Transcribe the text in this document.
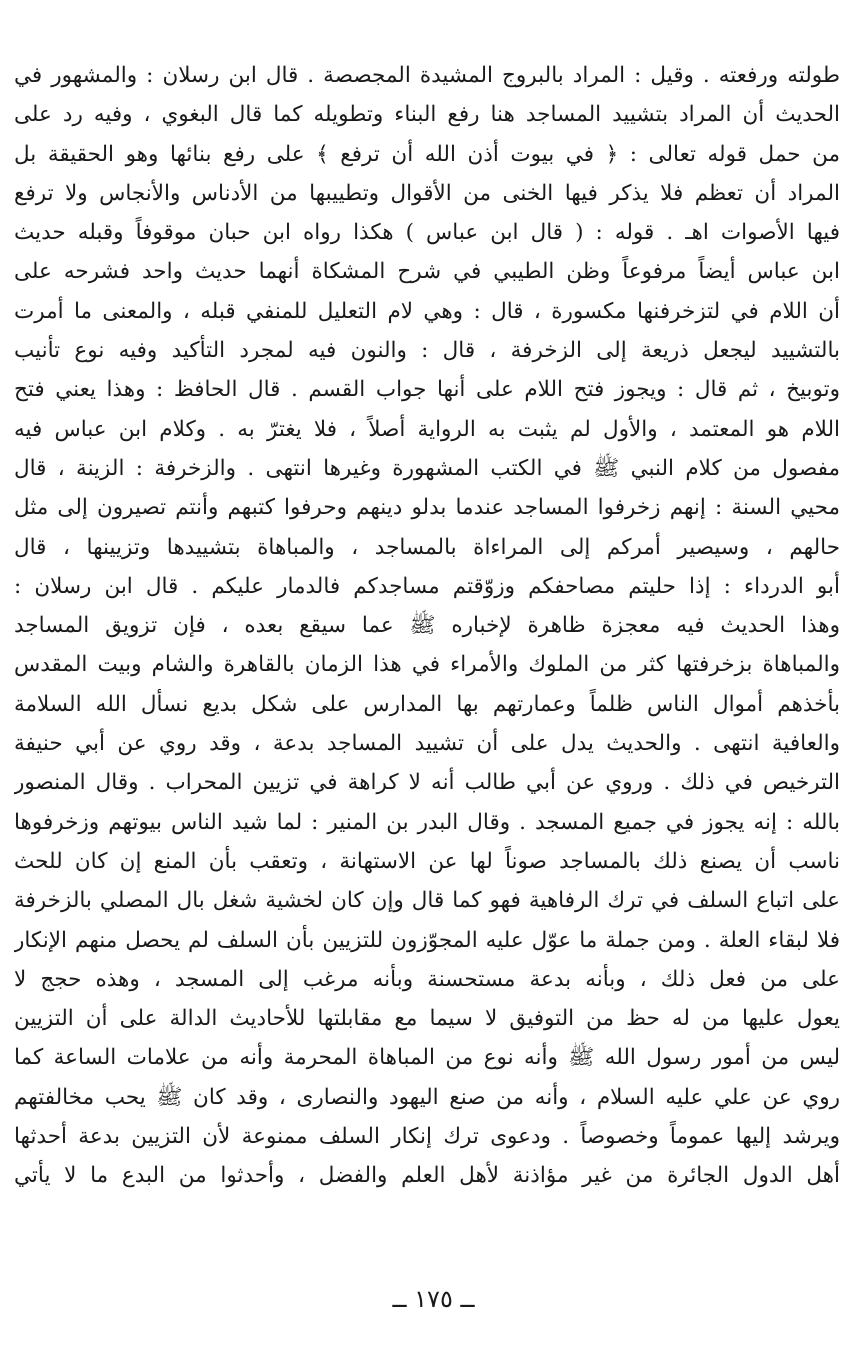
طولته ورفعته . وقيل : المراد بالبروج المشيدة المجصصة . قال ابن رسلان : والمشهور في
الحديث أن المراد بتشييد المساجد هنا رفع البناء وتطويله كما قال البغوي ، وفيه رد على
من حمل قوله تعالى : ﴿ في بيوت أذن الله أن ترفع ﴾ على رفع بنائها وهو الحقيقة بل
المراد أن تعظم فلا يذكر فيها الخنى من الأقوال وتطييبها من الأدناس والأنجاس ولا ترفع
فيها الأصوات اهـ . قوله : ( قال ابن عباس ) هكذا رواه ابن حبان موقوفاً وقبله حديث
ابن عباس أيضاً مرفوعاً وظن الطيبي في شرح المشكاة أنهما حديث واحد فشرحه على
أن اللام في لتزخرفنها مكسورة ، قال : وهي لام التعليل للمنفي قبله ، والمعنى ما أمرت
بالتشييد ليجعل ذريعة إلى الزخرفة ، قال : والنون فيه لمجرد التأكيد وفيه نوع تأنيب
وتوبيخ ، ثم قال : ويجوز فتح اللام على أنها جواب القسم . قال الحافظ : وهذا يعني فتح
اللام هو المعتمد ، والأول لم يثبت به الرواية أصلاً ، فلا يغترّ به . وكلام ابن عباس فيه
مفصول من كلام النبي ﷺ في الكتب المشهورة وغيرها انتهى . والزخرفة : الزينة ، قال
محيي السنة : إنهم زخرفوا المساجد عندما بدلو دينهم وحرفوا كتبهم وأنتم تصيرون إلى مثل
حالهم ، وسيصير أمركم إلى المراءاة بالمساجد ، والمباهاة بتشييدها وتزيينها ، قال
أبو الدرداء : إذا حليتم مصاحفكم وزوّقتم مساجدكم فالدمار عليكم . قال ابن رسلان :
وهذا الحديث فيه معجزة ظاهرة لإخباره ﷺ عما سيقع بعده ، فإن تزويق المساجد
والمباهاة بزخرفتها كثر من الملوك والأمراء في هذا الزمان بالقاهرة والشام وبيت المقدس
بأخذهم أموال الناس ظلماً وعمارتهم بها المدارس على شكل بديع نسأل الله السلامة
والعافية انتهى . والحديث يدل على أن تشييد المساجد بدعة ، وقد روي عن أبي حنيفة
الترخيص في ذلك . وروي عن أبي طالب أنه لا كراهة في تزيين المحراب . وقال المنصور
بالله : إنه يجوز في جميع المسجد . وقال البدر بن المنير : لما شيد الناس بيوتهم وزخرفوها
ناسب أن يصنع ذلك بالمساجد صوناً لها عن الاستهانة ، وتعقب بأن المنع إن كان للحث
على اتباع السلف في ترك الرفاهية فهو كما قال وإن كان لخشية شغل بال المصلي بالزخرفة
فلا لبقاء العلة . ومن جملة ما عوّل عليه المجوّزون للتزيين بأن السلف لم يحصل منهم الإنكار
على من فعل ذلك ، وبأنه بدعة مستحسنة وبأنه مرغب إلى المسجد ، وهذه حجج لا
يعول عليها من له حظ من التوفيق لا سيما مع مقابلتها للأحاديث الدالة على أن التزيين
ليس من أمور رسول الله ﷺ وأنه نوع من المباهاة المحرمة وأنه من علامات الساعة كما
روي عن علي عليه السلام ، وأنه من صنع اليهود والنصارى ، وقد كان ﷺ يحب مخالفتهم
ويرشد إليها عموماً وخصوصاً . ودعوى ترك إنكار السلف ممنوعة لأن التزيين بدعة أحدثها
أهل الدول الجائرة من غير مؤاذنة لأهل العلم والفضل ، وأحدثوا من البدع ما لا يأتي
ــ ١٧٥ ــ
